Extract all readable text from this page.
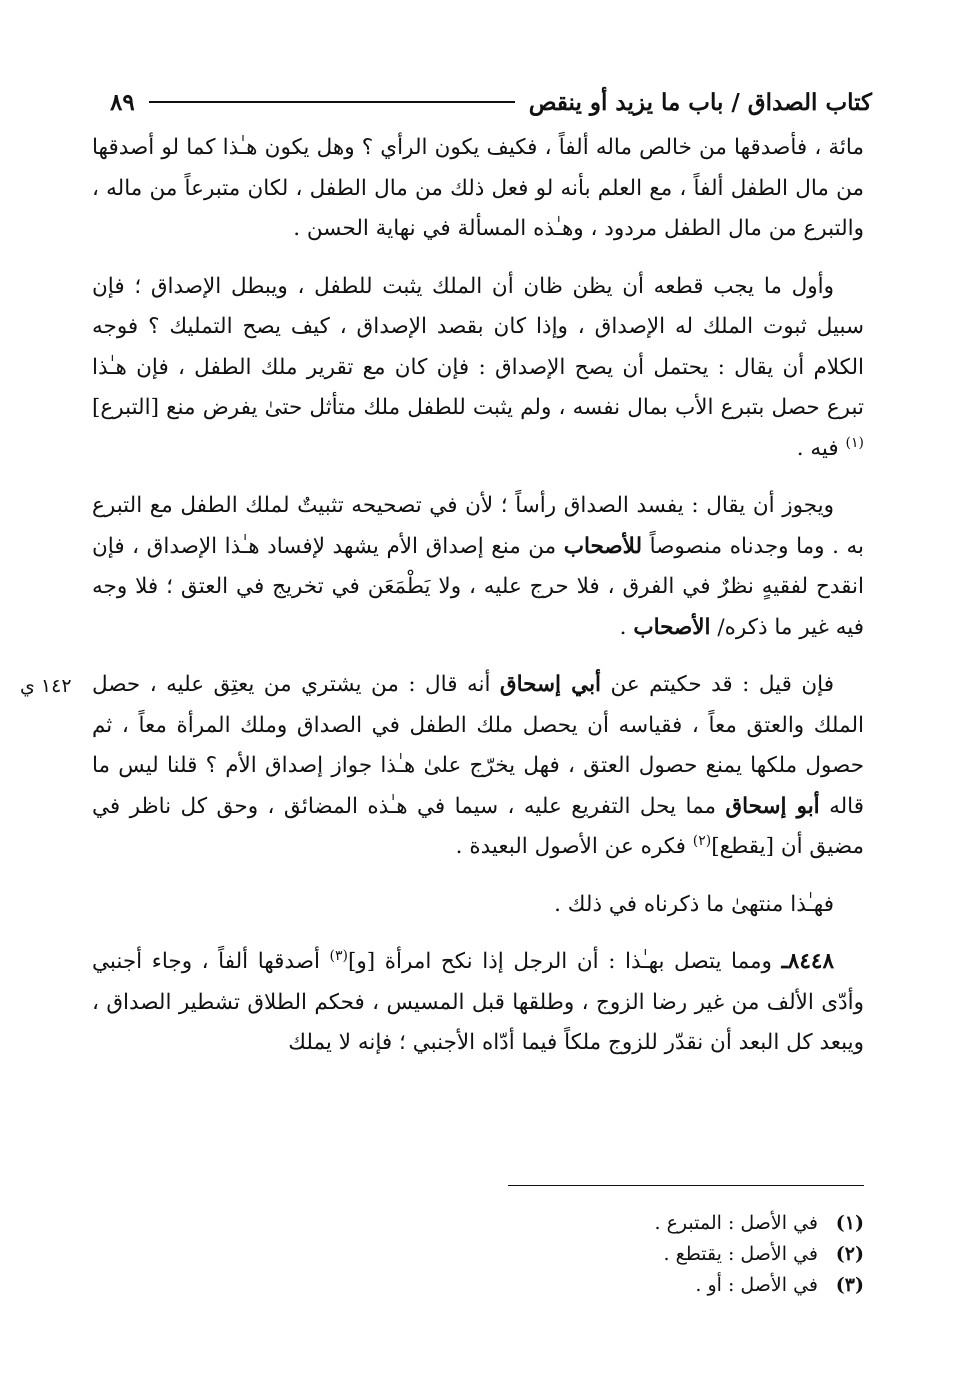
كتاب الصداق / باب ما يزيد أو ينقص
٨٩

مائة ، فأصدقها من خالص ماله ألفاً ، فكيف يكون الرأي ؟ وهل يكون هـٰذا كما لو أصدقها من مال الطفل ألفاً ، مع العلم بأنه لو فعل ذلك من مال الطفل ، لكان متبرعاً من ماله ، والتبرع من مال الطفل مردود ، وهـٰذه المسألة في نهاية الحسن .

وأول ما يجب قطعه أن يظن ظان أن الملك يثبت للطفل ، ويبطل الإصداق ؛ فإن سبيل ثبوت الملك له الإصداق ، وإذا كان بقصد الإصداق ، كيف يصح التمليك ؟ فوجه الكلام أن يقال : يحتمل أن يصح الإصداق : فإن كان مع تقرير ملك الطفل ، فإن هـٰذا تبرع حصل بتبرع الأب بمال نفسه ، ولم يثبت للطفل ملك متأثل حتىٰ يفرض منع [التبرع]$^{(١)}$ فيه .

ويجوز أن يقال : يفسد الصداق رأساً ؛ لأن في تصحيحه تثبيتٌ لملك الطفل مع التبرع به . وما وجدناه منصوصاً للأصحاب من منع إصداق الأم يشهد لإفساد هـٰذا الإصداق ، فإن انقدح لفقيهٍ نظرٌ في الفرق ، فلا حرج عليه ، ولا يَطْمَعَن في تخريج في العتق ؛ فلا وجه فيه غير ما ذكره/ الأصحاب .

فإن قيل : قد حكيتم عن أبي إسحاق أنه قال : من يشتري من يعتِق عليه ، حصل الملك والعتق معاً ، فقياسه أن يحصل ملك الطفل في الصداق وملك المرأة معاً ، ثم حصول ملكها يمنع حصول العتق ، فهل يخرّج علىٰ هـٰذا جواز إصداق الأم ؟ قلنا ليس ما قاله أبو إسحاق مما يحل التفريع عليه ، سيما في هـٰذه المضائق ، وحق كل ناظر في مضيق أن [يقطع]$^{(٢)}$ فكره عن الأصول البعيدة .

فهـٰذا منتهىٰ ما ذكرناه في ذلك .

٨٤٤٨ـ ومما يتصل بهـٰذا : أن الرجل إذا نكح امرأة [و]$^{(٣)}$ أصدقها ألفاً ، وجاء أجنبي وأدّى الألف من غير رضا الزوج ، وطلقها قبل المسيس ، فحكم الطلاق تشطير الصداق ، ويبعد كل البعد أن نقدّر للزوج ملكاً فيما أدّاه الأجنبي ؛ فإنه لا يملك

١٤٢ ي
(١)في الأصل : المتبرع .
(٢)في الأصل : يقتطع .
(٣)في الأصل : أو .
